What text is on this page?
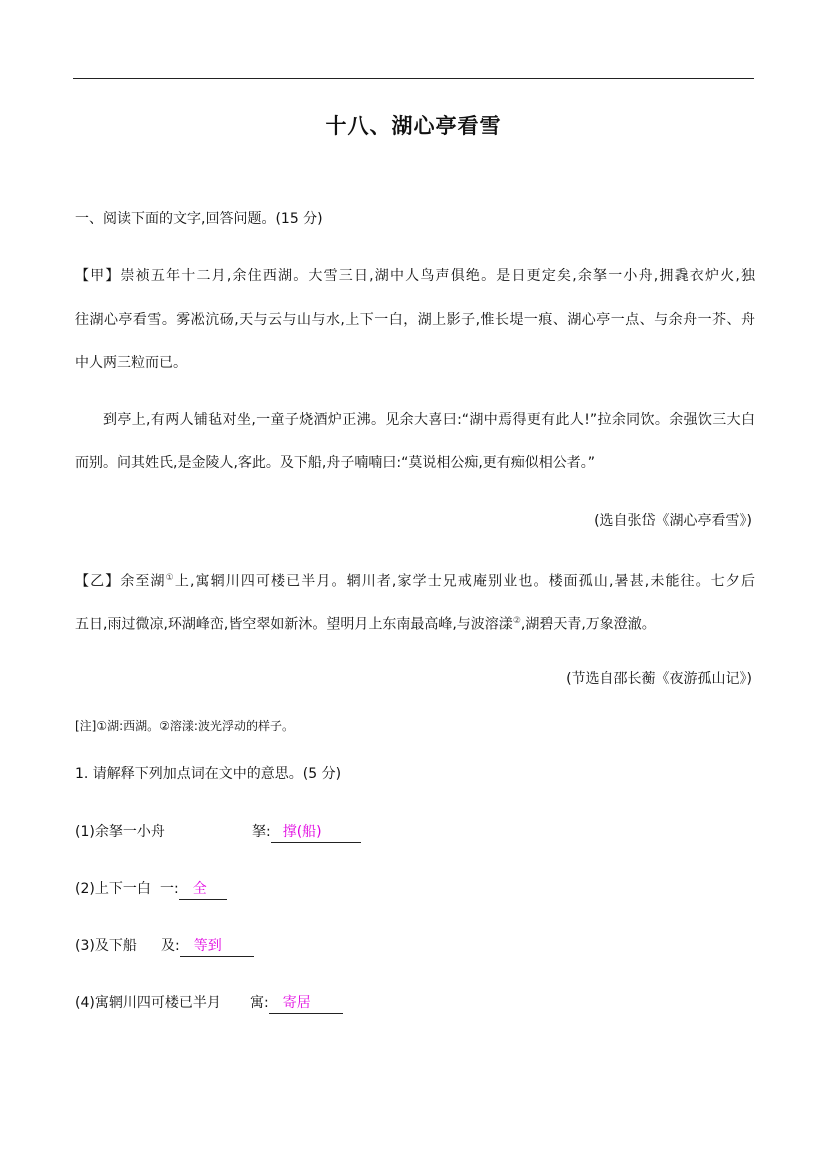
十八、湖心亭看雪
一、阅读下面的文字,回答问题。(15 分)
【甲】崇祯五年十二月,余住西湖。大雪三日,湖中人鸟声俱绝。是日更定矣,余拏一小舟,拥毳衣炉火,独
往湖心亭看雪。雾凇沆砀,天与云与山与水,上下一白，湖上影子,惟长堤一痕、湖心亭一点、与余舟一芥、舟
中人两三粒而已。
到亭上,有两人铺毡对坐,一童子烧酒炉正沸。见余大喜曰:“湖中焉得更有此人!”拉余同饮。余强饮三大白
而别。问其姓氏,是金陵人,客此。及下船,舟子喃喃曰:“莫说相公痴,更有痴似相公者。”
(选自张岱《湖心亭看雪》)
【乙】余至湖①上,寓辋川四可楼已半月。辋川者,家学士兄戒庵别业也。楼面孤山,暑甚,未能往。七夕后
五日,雨过微凉,环湖峰峦,皆空翠如新沐。望明月上东南最高峰,与波溶漾②,湖碧天青,万象澄澈。
(节选自邵长蘅《夜游孤山记》)
[注]①湖:西湖。②溶漾:波光浮动的样子。
1. 请解释下列加点词在文中的意思。(5 分)
(1)余拏一小舟	拏: 撑(船)
(2)上下一白 一: 全
(3)及下船 及: 等到
(4)寓辋川四可楼已半月 寓: 寄居
